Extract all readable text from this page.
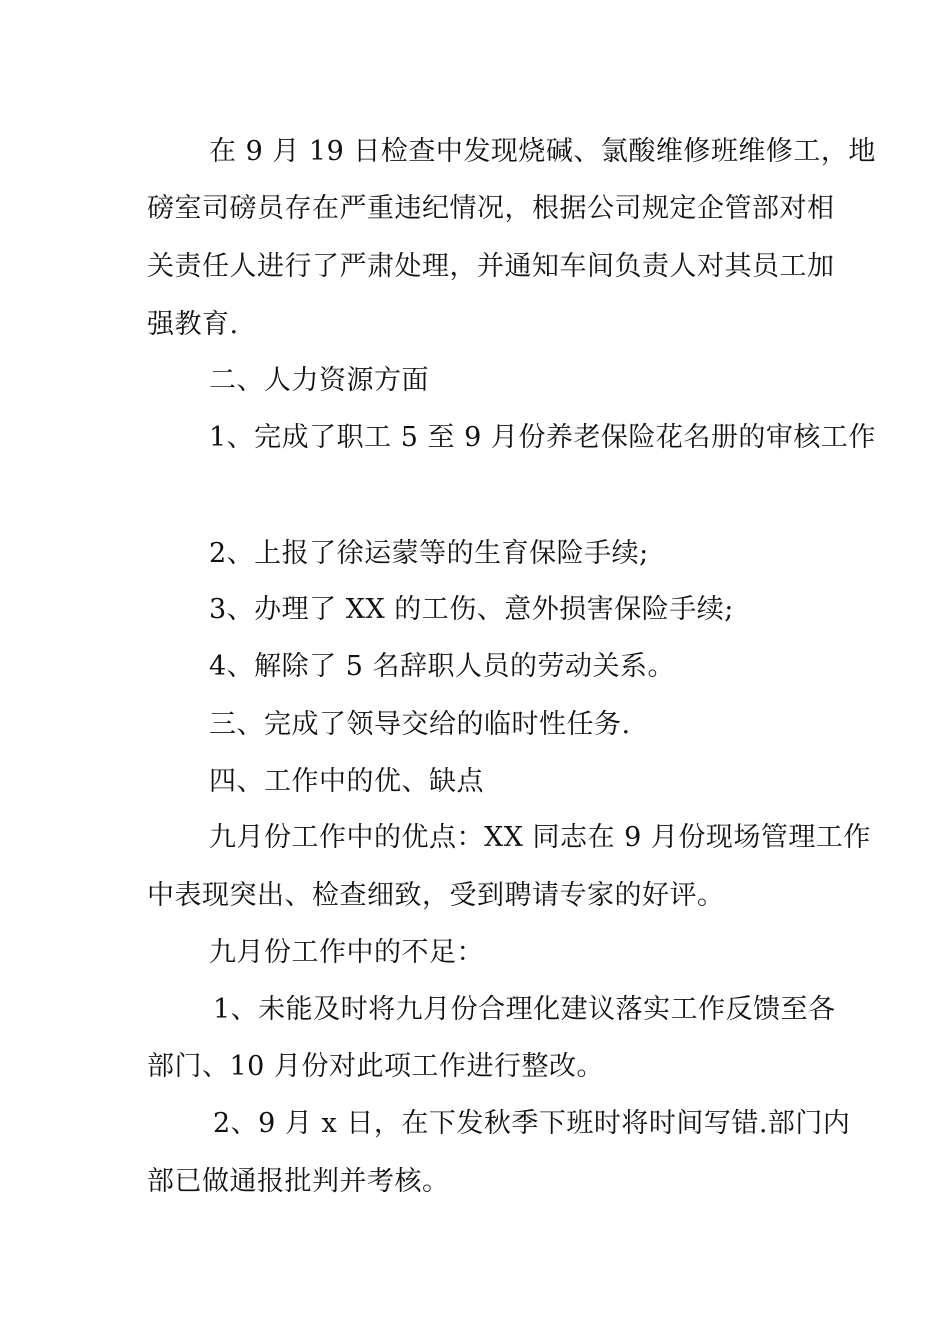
在 9 月 19 日检查中发现烧碱、氯酸维修班维修工，地
磅室司磅员存在严重违纪情况，根据公司规定企管部对相
关责任人进行了严肃处理，并通知车间负责人对其员工加
强教育.
二、人力资源方面
1、完成了职工 5 至 9 月份养老保险花名册的审核工作
2、上报了徐运蒙等的生育保险手续;
3、办理了 XX 的工伤、意外损害保险手续;
4、解除了 5 名辞职人员的劳动关系。
三、完成了领导交给的临时性任务.
四、工作中的优、缺点
九月份工作中的优点：XX 同志在 9 月份现场管理工作
中表现突出、检查细致，受到聘请专家的好评。
九月份工作中的不足：
1、未能及时将九月份合理化建议落实工作反馈至各
部门、10 月份对此项工作进行整改。
2、9 月 x 日，在下发秋季下班时将时间写错.部门内
部已做通报批判并考核。
